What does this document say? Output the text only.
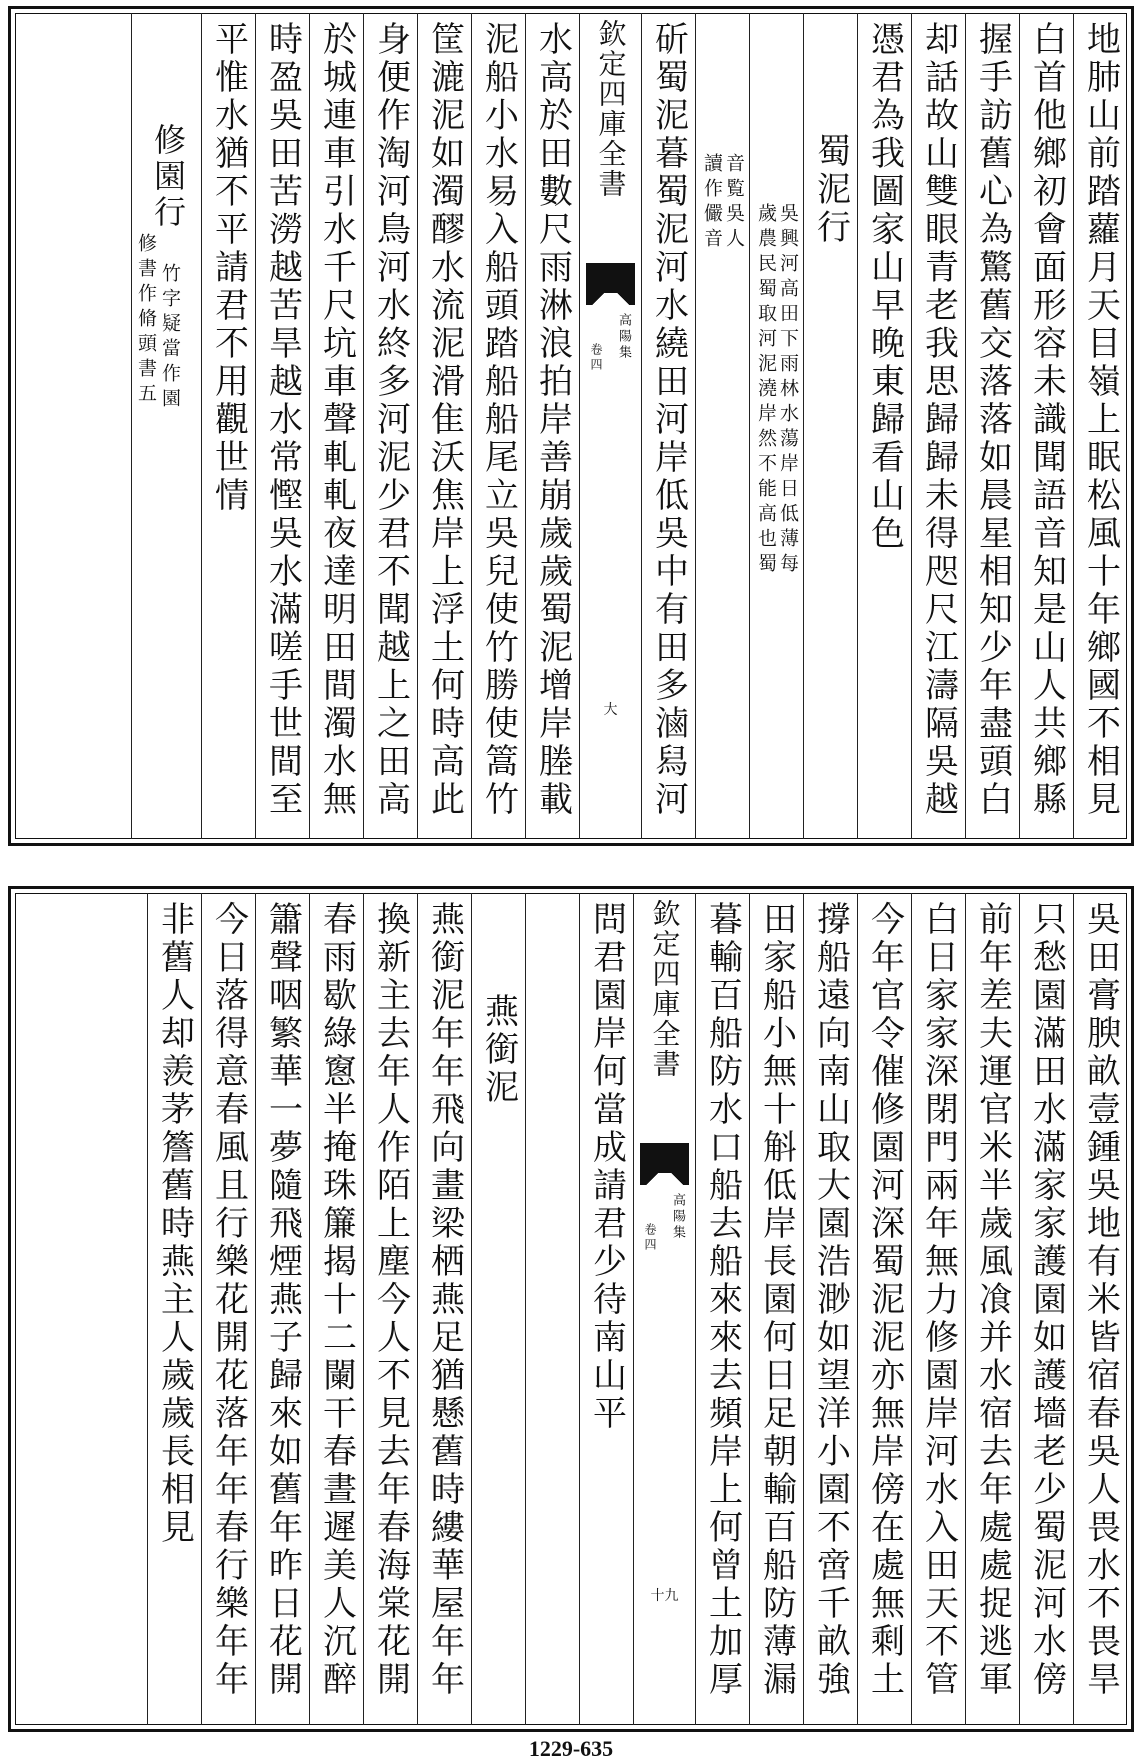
地肺山前踏蘿月天目嶺上眠松風十年鄉國不相見
白首他鄉初會面形容未識聞語音知是山人共鄉縣
握手訪舊心為驚舊交落落如晨星相知少年盡頭白
却話故山雙眼青老我思歸歸未得咫尺江濤隔吳越
憑君為我圖家山早晚東歸看山色
蜀泥行
吳興河高田下雨林水蕩岸日低薄每
歲農民蜀取河泥澆岸然不能高也蜀
音覧吳人
讀作儼音
斫蜀泥暮蜀泥河水繞田河岸低吳中有田多滷舄河
欽定四庫全書
高陽集
卷四
大
水高於田數尺雨淋浪拍岸善崩歲歲蜀泥增岸塍載
泥船小水易入船頭踏船船尾立吳兒使竹勝使篙竹
筐漉泥如濁醪水流泥滑隹沃焦岸上浮土何時高此
身便作淘河鳥河水終多河泥少君不聞越上之田高
於城連車引水千尺坑車聲軋軋夜達明田間濁水無
時盈吳田苦澇越苦旱越水常慳吳水滿嗟手世間至
平惟水猶不平請君不用觀世情
修園行
修書作脩頭書五 竹字疑當作園
吳田膏腴畝壹鍾吳地有米皆宿春吳人畏水不畏旱
只愁園滿田水滿家家護園如護墻老少蜀泥河水傍
前年差夫運官米半歲風飡并水宿去年處處捉逃軍
白日家家深閉門兩年無力修園岸河水入田天不管
今年官令催修園河深蜀泥泥亦無岸傍在處無剩土
撐船遠向南山取大園浩渺如望洋小園不啻千畝強
田家船小無十斛低岸長園何日足朝輸百船防薄漏
暮輸百船防水口船去船來來去頻岸上何曾土加厚
欽定四庫全書
高陽集
卷四
十九
問君園岸何當成請君少待南山平
燕銜泥
燕銜泥年年飛向畫梁栖燕足猶懸舊時縷華屋年年
換新主去年人作陌上塵今人不見去年春海棠花開
春雨歇綠窻半掩珠簾揭十二闌干春晝遲美人沉醉
簫聲咽繁華一夢隨飛煙燕子歸來如舊年昨日花開
今日落得意春風且行樂花開花落年年春行樂年年
非舊人却羨茅簷舊時燕主人歲歲長相見
1229-635
